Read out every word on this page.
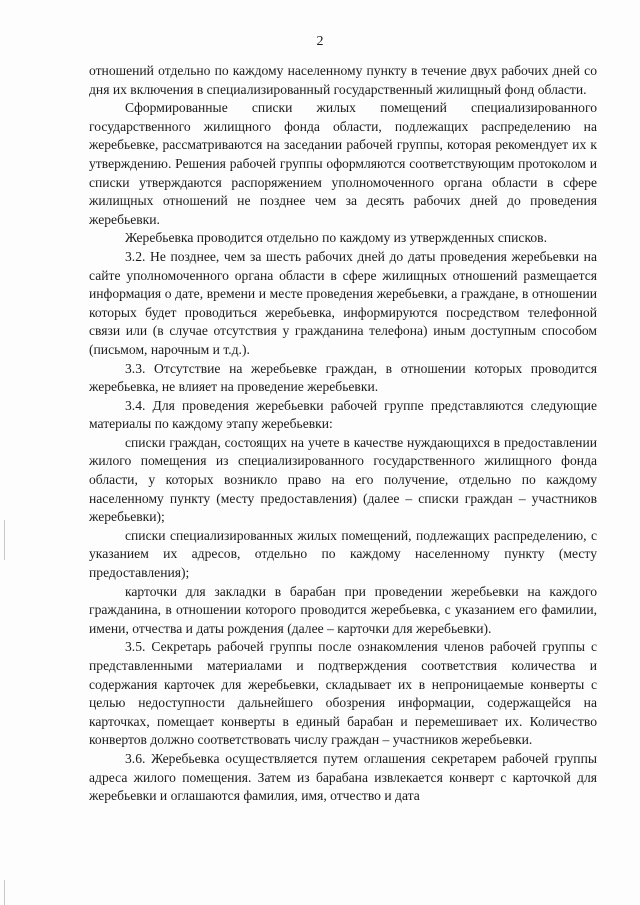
2

отношений отдельно по каждому населенному пункту в течение двух рабочих дней со дня их включения в специализированный государственный жилищный фонд области.

Сформированные списки жилых помещений специализированного государственного жилищного фонда области, подлежащих распределению на жеребьевке, рассматриваются на заседании рабочей группы, которая рекомендует их к утверждению. Решения рабочей группы оформляются соответствующим протоколом и списки утверждаются распоряжением уполномоченного органа области в сфере жилищных отношений не позднее чем за десять рабочих дней до проведения жеребьевки.

Жеребьевка проводится отдельно по каждому из утвержденных списков.

3.2. Не позднее, чем за шесть рабочих дней до даты проведения жеребьевки на сайте уполномоченного органа области в сфере жилищных отношений размещается информация о дате, времени и месте проведения жеребьевки, а граждане, в отношении которых будет проводиться жеребьевка, информируются посредством телефонной связи или (в случае отсутствия у гражданина телефона) иным доступным способом (письмом, нарочным и т.д.).

3.3. Отсутствие на жеребьевке граждан, в отношении которых проводится жеребьевка, не влияет на проведение жеребьевки.

3.4. Для проведения жеребьевки рабочей группе представляются следующие материалы по каждому этапу жеребьевки:

списки граждан, состоящих на учете в качестве нуждающихся в предоставлении жилого помещения из специализированного государственного жилищного фонда области, у которых возникло право на его получение, отдельно по каждому населенному пункту (месту предоставления) (далее – списки граждан – участников жеребьевки);

списки специализированных жилых помещений, подлежащих распределению, с указанием их адресов, отдельно по каждому населенному пункту (месту предоставления);

карточки для закладки в барабан при проведении жеребьевки на каждого гражданина, в отношении которого проводится жеребьевка, с указанием его фамилии, имени, отчества и даты рождения (далее – карточки для жеребьевки).

3.5. Секретарь рабочей группы после ознакомления членов рабочей группы с представленными материалами и подтверждения соответствия количества и содержания карточек для жеребьевки, складывает их в непроницаемые конверты с целью недоступности дальнейшего обозрения информации, содержащейся на карточках, помещает конверты в единый барабан и перемешивает их. Количество конвертов должно соответствовать числу граждан – участников жеребьевки.

3.6. Жеребьевка осуществляется путем оглашения секретарем рабочей группы адреса жилого помещения. Затем из барабана извлекается конверт с карточкой для жеребьевки и оглашаются фамилия, имя, отчество и дата
